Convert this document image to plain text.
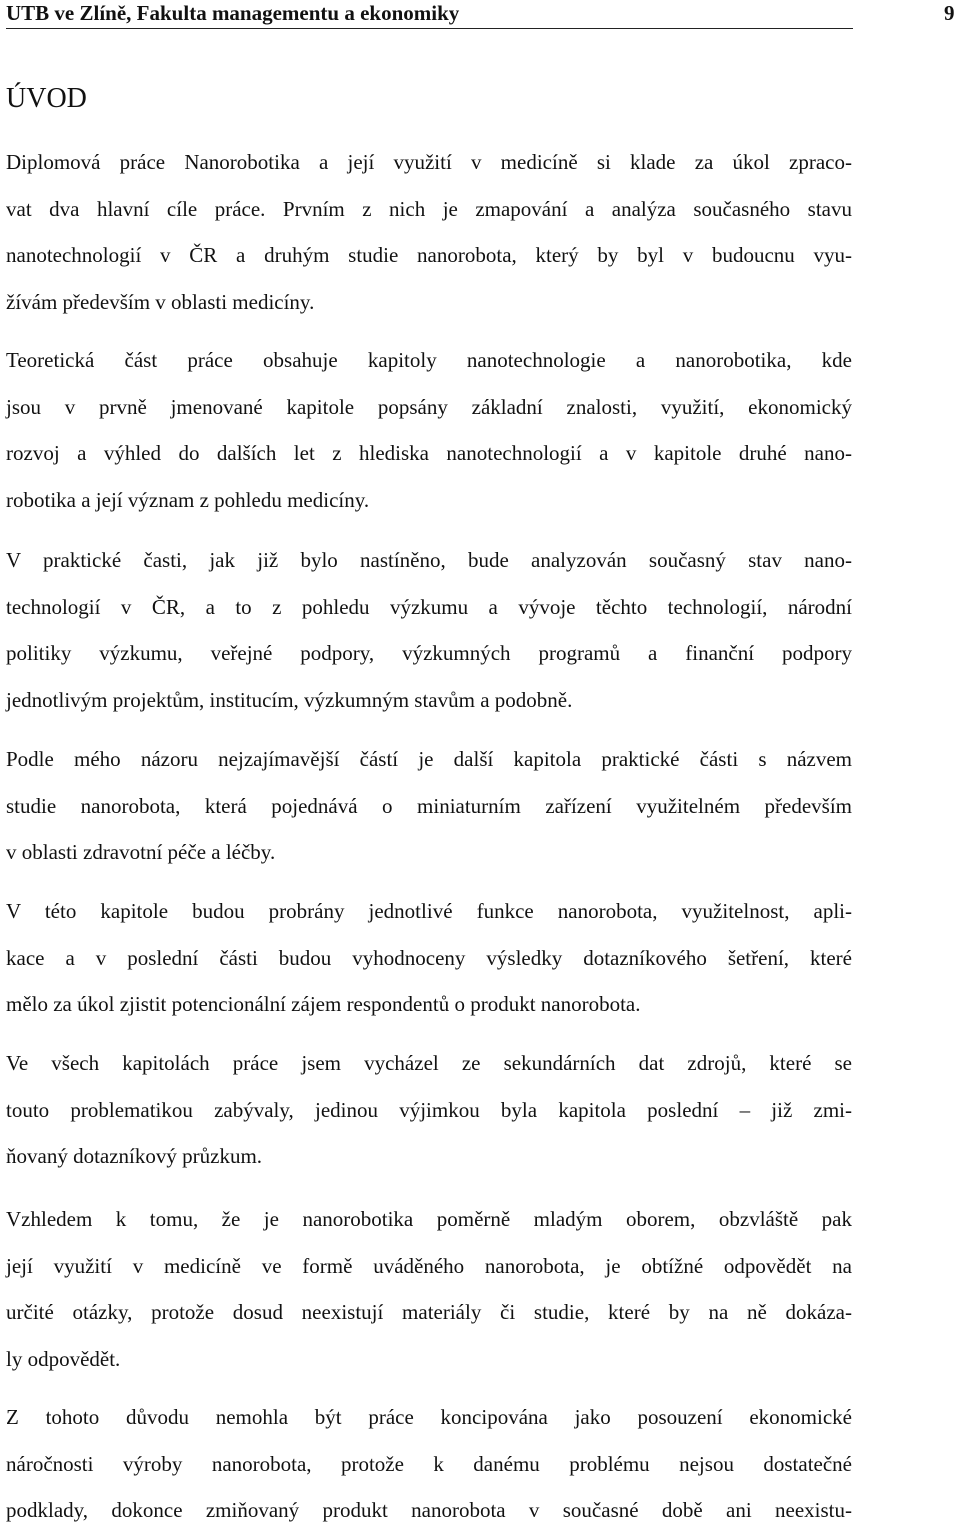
UTB ve Zlíně, Fakulta managementu a ekonomiky	9
ÚVOD

Diplomová práce Nanorobotika a její využití v medicíně si klade za úkol zpraco-
vat dva hlavní cíle práce. Prvním z nich je zmapování a analýza současného stavu
nanotechnologií v ČR a druhým studie nanorobota, který by byl v budoucnu vyu-
žívám především v oblasti medicíny.

Teoretická část práce obsahuje kapitoly nanotechnologie a nanorobotika, kde
jsou v prvně jmenované kapitole popsány základní znalosti, využití, ekonomický
rozvoj a výhled do dalších let z hlediska nanotechnologií a v kapitole druhé nano-
robotika a její význam z pohledu medicíny.

V praktické časti, jak již bylo nastíněno, bude analyzován současný stav nano-
technologií v ČR, a to z pohledu výzkumu a vývoje těchto technologií, národní
politiky výzkumu, veřejné podpory, výzkumných programů a finanční podpory
jednotlivým projektům, institucím, výzkumným stavům a podobně.

Podle mého názoru nejzajímavější částí je další kapitola praktické části s názvem
studie nanorobota, která pojednává o miniaturním zařízení využitelném především
v oblasti zdravotní péče a léčby.

V této kapitole budou probrány jednotlivé funkce nanorobota, využitelnost, apli-
kace a v poslední části budou vyhodnoceny výsledky dotazníkového šetření, které
mělo za úkol zjistit potencionální zájem respondentů o produkt nanorobota.

Ve všech kapitolách práce jsem vycházel ze sekundárních dat zdrojů, které se
touto problematikou zabývaly, jedinou výjimkou byla kapitola poslední – již zmi-
ňovaný dotazníkový průzkum.

Vzhledem k tomu, že je nanorobotika poměrně mladým oborem, obzvláště pak
její využití v medicíně ve formě uváděného nanorobota, je obtížné odpovědět na
určité otázky, protože dosud neexistují materiály či studie, které by na ně dokáza-
ly odpovědět.

Z tohoto důvodu nemohla být práce koncipována jako posouzení ekonomické
náročnosti výroby nanorobota, protože k danému problému nejsou dostatečné
podklady, dokonce zmiňovaný produkt nanorobota v současné době ani neexistu-
